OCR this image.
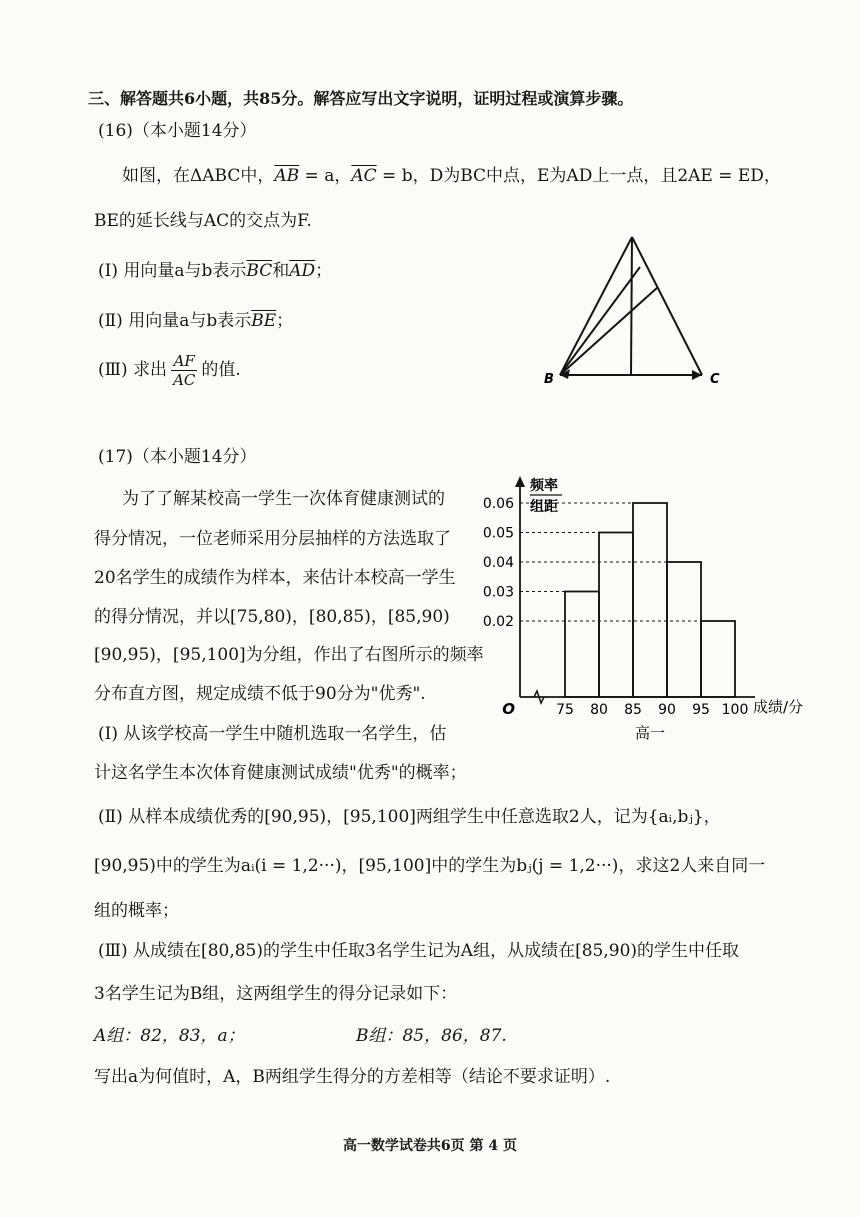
三、解答题共6小题，共85分。解答应写出文字说明，证明过程或演算步骤。
(16)（本小题14分）
如图，在ΔABC中，$\overline{AB} = a$，$\overline{AC} = b$，D为BC中点，E为AD上一点，且2AE = ED，
BE的延长线与AC的交点为F.
(Ⅰ) 用向量a与b表示$\overline{BC}$和$\overline{AD}$；
(Ⅱ) 用向量a与b表示$\overline{BE}$；
(Ⅲ) 求出 $\frac{AF}{AC}$ 的值.	B	C
(17)（本小题14分）
为了了解某校高一学生一次体育健康测试的
得分情况，一位老师采用分层抽样的方法选取了
20名学生的成绩作为样本，来估计本校高一学生
的得分情况，并以[75,80)，[80,85)，[85,90)
[90,95)，[95,100]为分组，作出了右图所示的频率
分布直方图，规定成绩不低于90分为"优秀".
(Ⅰ) 从该学校高一学生中随机选取一名学生，估
计这名学生本次体育健康测试成绩"优秀"的概率；
O
频率
组距
成绩/分
高一
0.06
0.05
0.04
0.03
0.02
75 80 85 90 95 100
(Ⅱ) 从样本成绩优秀的[90,95)，[95,100]两组学生中任意选取2人，记为{aᵢ,bⱼ}，
[90,95)中的学生为aᵢ(i = 1,2···)，[95,100]中的学生为bⱼ(j = 1,2···)，求这2人来自同一
组的概率；
(Ⅲ) 从成绩在[80,85)的学生中任取3名学生记为A组，从成绩在[85,90)的学生中任取
3名学生记为B组，这两组学生的得分记录如下：
A组：82，83，a；	B组：85，86，87.
写出a为何值时，A，B两组学生得分的方差相等（结论不要求证明）.
高一数学试卷共6页 第 4 页
